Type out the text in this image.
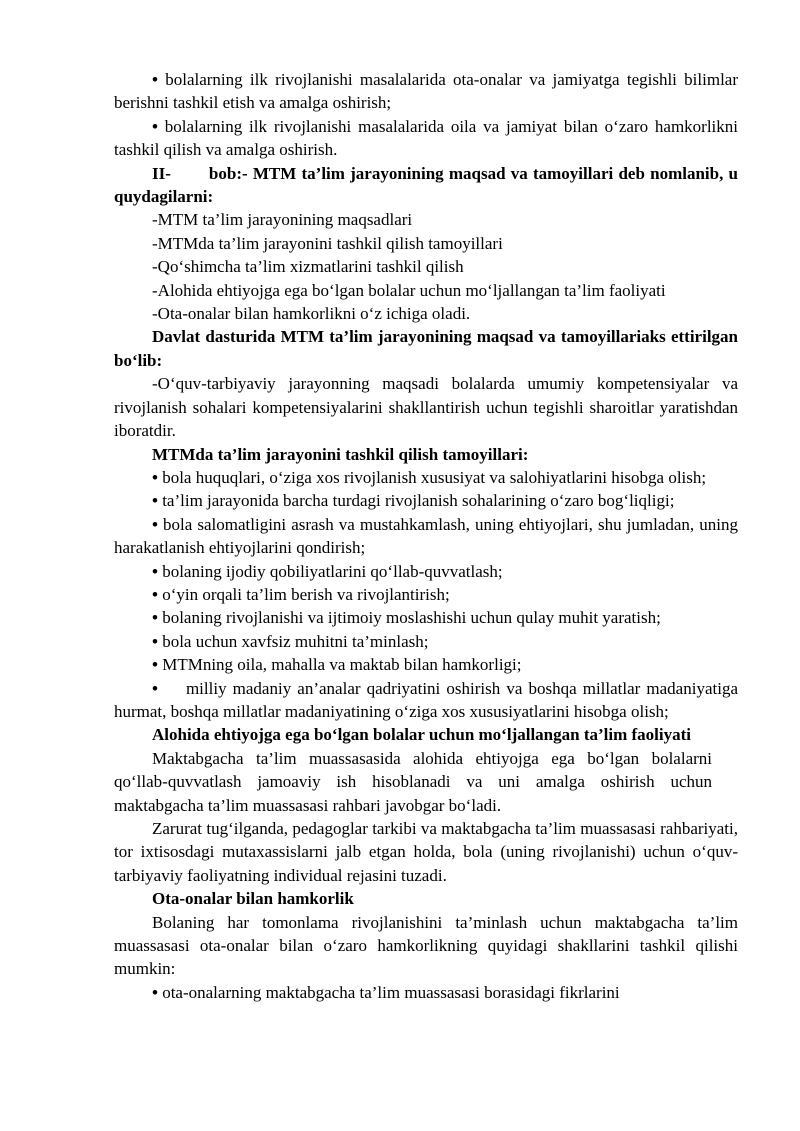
• bolalarning ilk rivojlanishi masalalarida ota-onalar va jamiyatga tegishli bilimlar berishni tashkil etish va amalga oshirish;

• bolalarning ilk rivojlanishi masalalarida oila va jamiyat bilan o‘zaro hamkorlikni tashkil qilish va amalga oshirish.

II- bob:- MTM ta’lim jarayonining maqsad va tamoyillari deb nomlanib, u quydagilarni:

-MTM ta’lim jarayonining maqsadlari

-MTMda ta’lim jarayonini tashkil qilish tamoyillari

-Qo‘shimcha ta’lim xizmatlarini tashkil qilish

-Alohida ehtiyojga ega bo‘lgan bolalar uchun mo‘ljallangan ta’lim faoliyati

-Ota-onalar bilan hamkorlikni o‘z ichiga oladi.

Davlat dasturida MTM ta’lim jarayonining maqsad va tamoyillariaks ettirilgan bo‘lib:

-O‘quv-tarbiyaviy jarayonning maqsadi bolalarda umumiy kompetensiyalar va rivojlanish sohalari kompetensiyalarini shakllantirish uchun tegishli sharoitlar yaratishdan iboratdir.

MTMda ta’lim jarayonini tashkil qilish tamoyillari:

• bola huquqlari, o‘ziga xos rivojlanish xususiyat va salohiyatlarini hisobga olish;

• ta’lim jarayonida barcha turdagi rivojlanish sohalarining o‘zaro bog‘liqligi;

• bola salomatligini asrash va mustahkamlash, uning ehtiyojlari, shu jumladan, uning harakatlanish ehtiyojlarini qondirish;

• bolaning ijodiy qobiliyatlarini qo‘llab-quvvatlash;

• o‘yin orqali ta’lim berish va rivojlantirish;

• bolaning rivojlanishi va ijtimoiy moslashishi uchun qulay muhit yaratish;

• bola uchun xavfsiz muhitni ta’minlash;

• MTMning oila, mahalla va maktab bilan hamkorligi;

• milliy madaniy an’analar qadriyatini oshirish va boshqa millatlar madaniyatiga hurmat, boshqa millatlar madaniyatining o‘ziga xos xususiyatlarini hisobga olish;

Alohida ehtiyojga ega bo‘lgan bolalar uchun mo‘ljallangan ta’lim faoliyati

Maktabgacha ta’lim muassasasida alohida ehtiyojga ega bo‘lgan bolalarni

qo‘llab-quvvatlash jamoaviy ish hisoblanadi va uni amalga oshirish uchun

maktabgacha ta’lim muassasasi rahbari javobgar bo‘ladi.

Zarurat tug‘ilganda, pedagoglar tarkibi va maktabgacha ta’lim muassasasi rahbariyati, tor ixtisosdagi mutaxassislarni jalb etgan holda, bola (uning rivojlanishi) uchun o‘quv-tarbiyaviy faoliyatning individual rejasini tuzadi.

Ota-onalar bilan hamkorlik

Bolaning har tomonlama rivojlanishini ta’minlash uchun maktabgacha ta’lim muassasasi ota-onalar bilan o‘zaro hamkorlikning quyidagi shakllarini tashkil qilishi mumkin:

• ota-onalarning maktabgacha ta’lim muassasasi borasidagi fikrlarini
